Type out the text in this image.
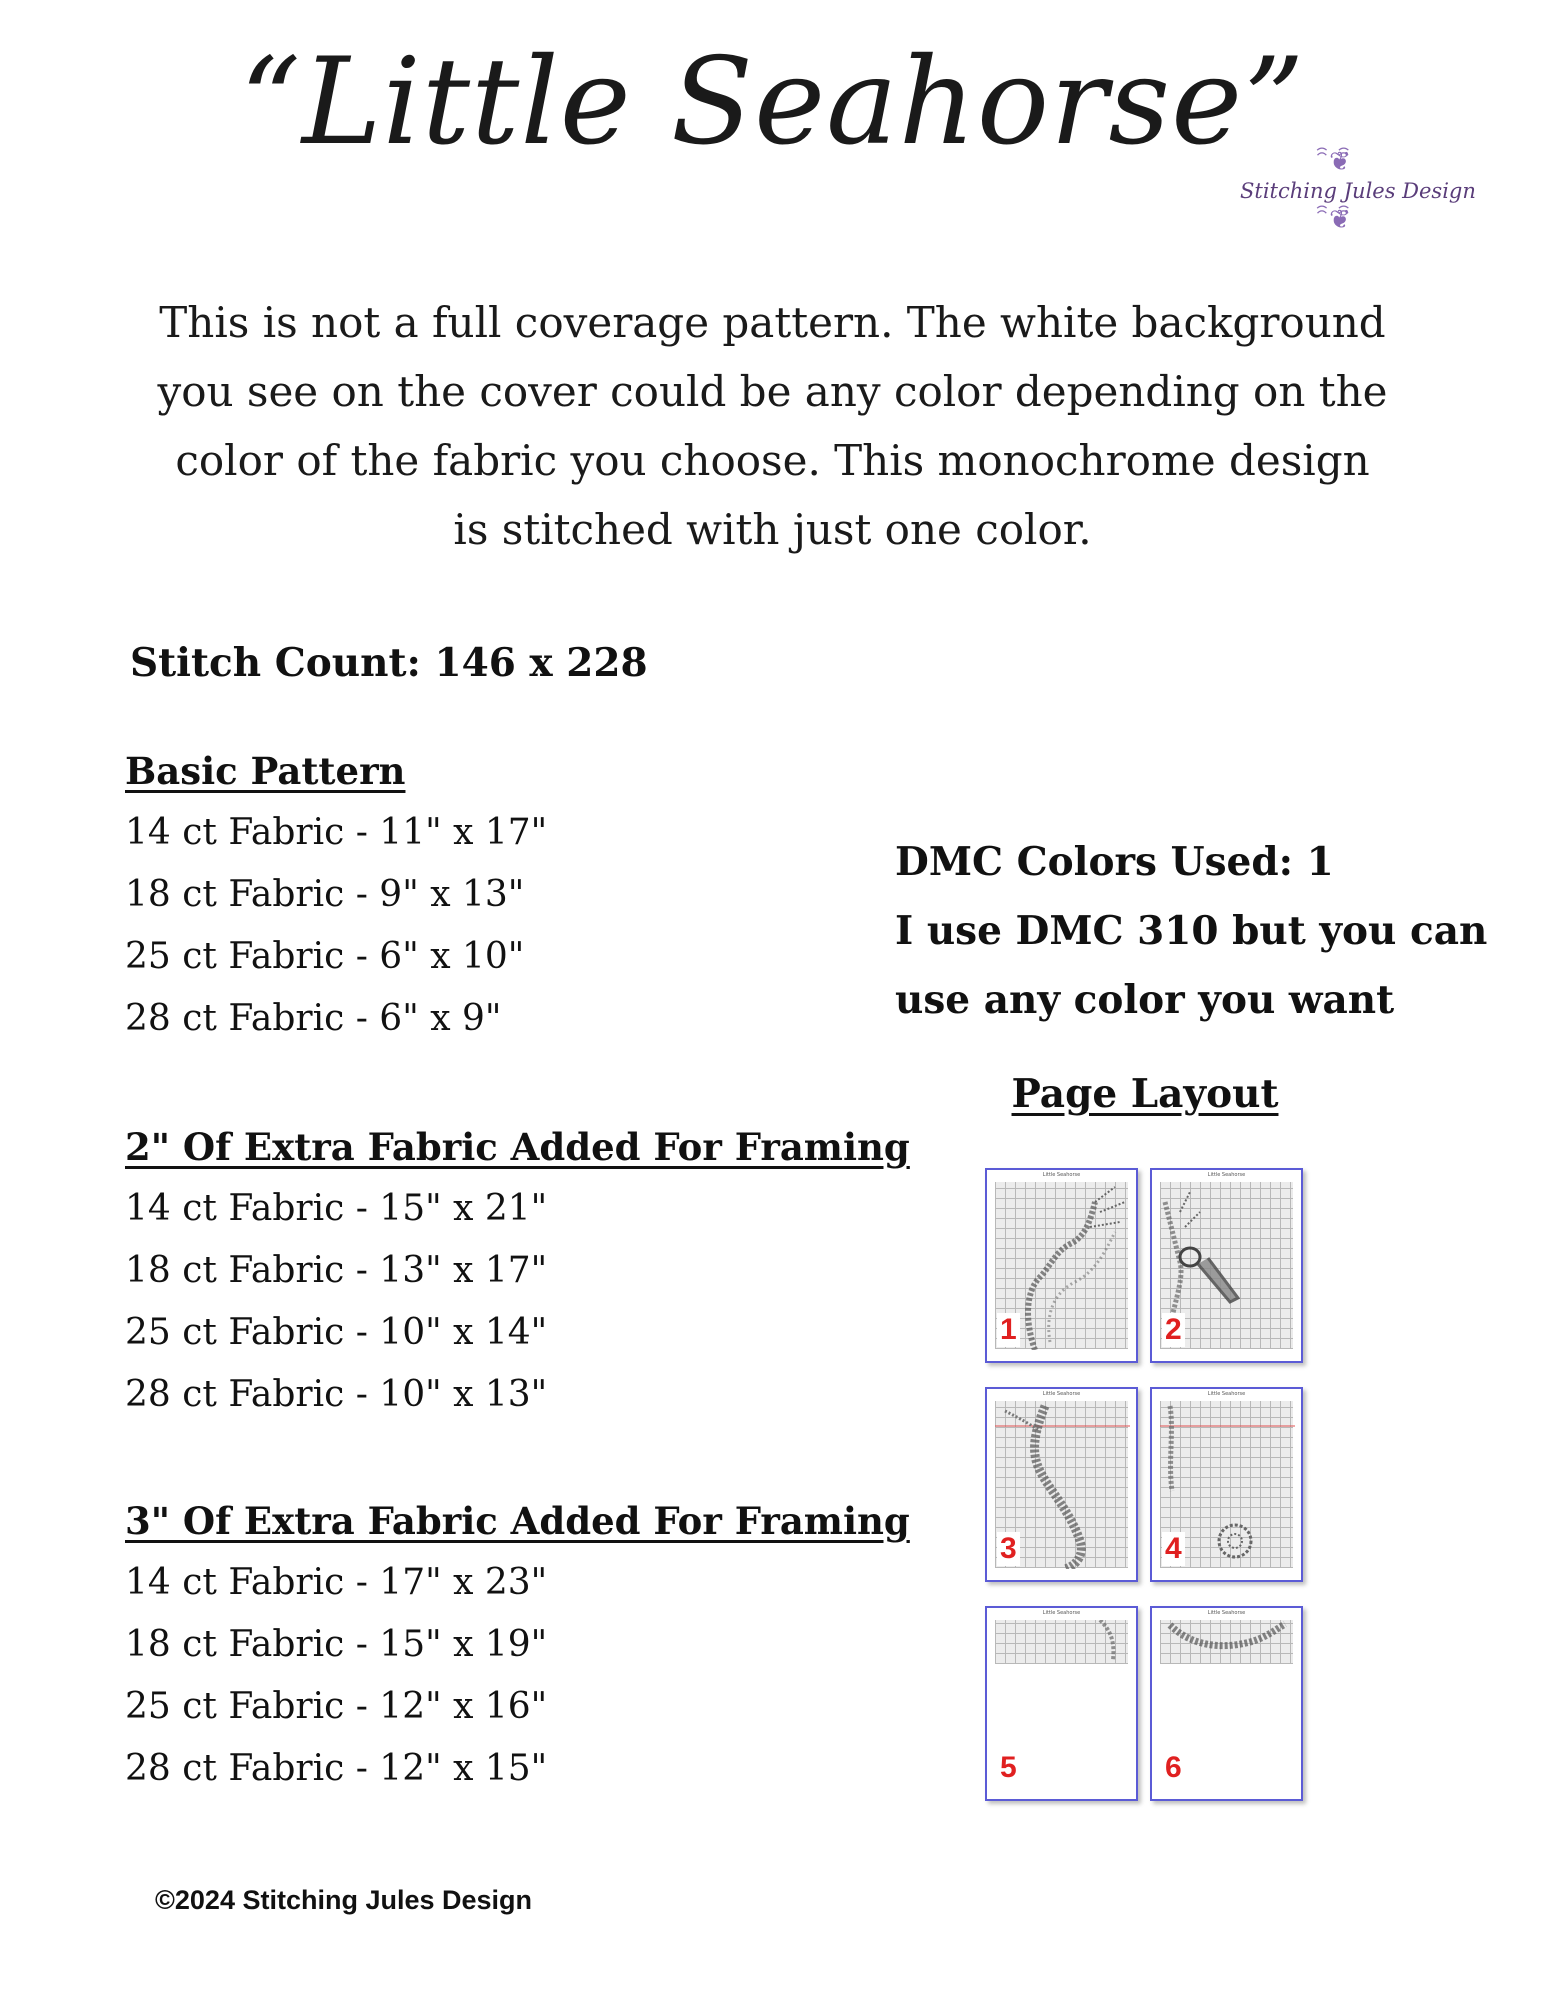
“Little Seahorse” ꩰ❦ꩰ
Stitching Jules Design
ꩰ❦ꩰ
This is not a full coverage pattern. The white background
you see on the cover could be any color depending on the
color of the fabric you choose. This monochrome design
is stitched with just one color.
Stitch Count: 146 x 228
Basic Pattern
14 ct Fabric - 11" x 17"
18 ct Fabric - 9" x 13"
25 ct Fabric - 6" x 10"
28 ct Fabric - 6" x 9"
2" Of Extra Fabric Added For Framing
14 ct Fabric - 15" x 21"
18 ct Fabric - 13" x 17"
25 ct Fabric - 10" x 14"
28 ct Fabric - 10" x 13"
3" Of Extra Fabric Added For Framing
14 ct Fabric - 17" x 23"
18 ct Fabric - 15" x 19"
25 ct Fabric - 12" x 16"
28 ct Fabric - 12" x 15"
DMC Colors Used: 1
I use DMC 310 but you can
use any color you want
Page Layout
Little Seahorse
1
Little Seahorse
2
Little Seahorse
3
Little Seahorse
4
Little Seahorse
5
Little Seahorse
6
©2024 Stitching Jules Design
